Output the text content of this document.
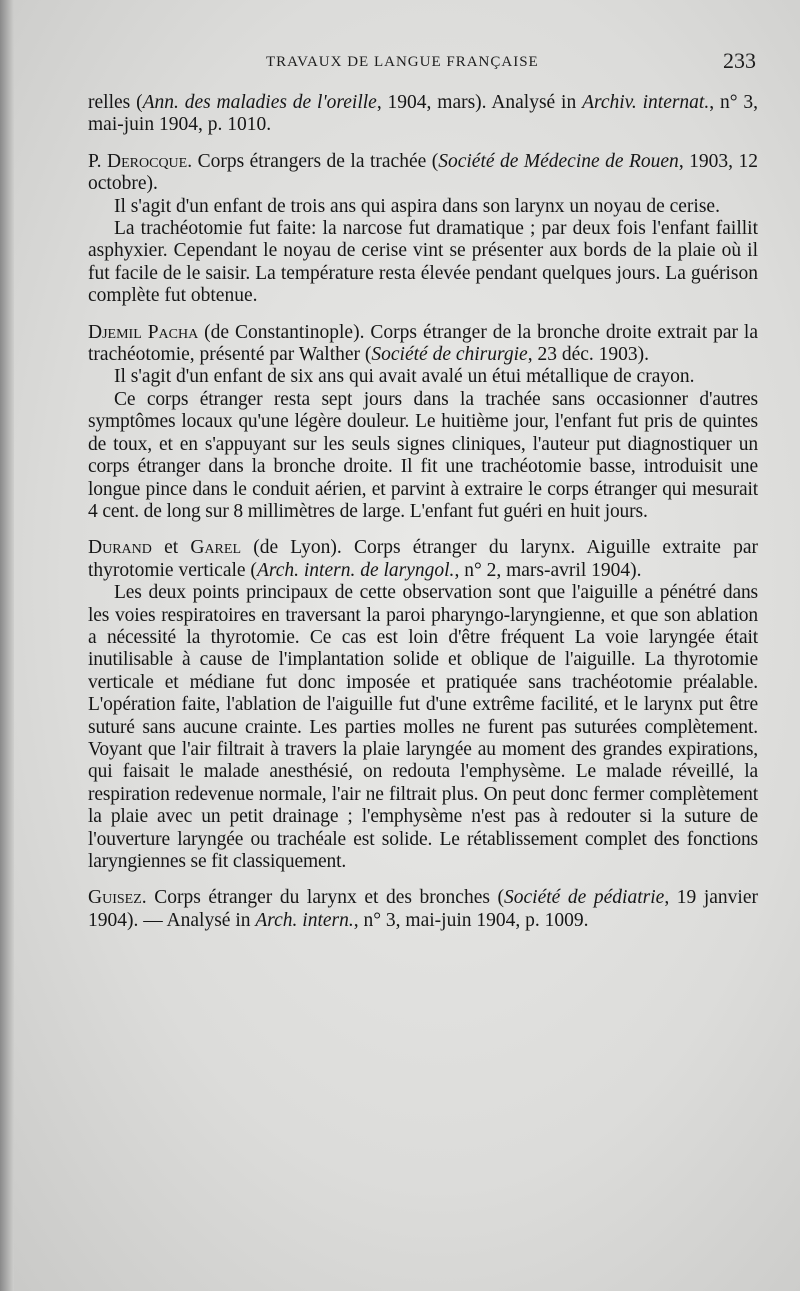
TRAVAUX DE LANGUE FRANÇAISE	233

relles (Ann. des maladies de l'oreille, 1904, mars). Analysé in Archiv. internat., n° 3, mai-juin 1904, p. 1010.

P. Derocque. Corps étrangers de la trachée (Société de Médecine de Rouen, 1903, 12 octobre).

Il s'agit d'un enfant de trois ans qui aspira dans son larynx un noyau de cerise.

La trachéotomie fut faite: la narcose fut dramatique ; par deux fois l'enfant faillit asphyxier. Cependant le noyau de cerise vint se présenter aux bords de la plaie où il fut facile de le saisir. La température resta élevée pendant quelques jours. La guérison complète fut obtenue.

Djemil Pacha (de Constantinople). Corps étranger de la bronche droite extrait par la trachéotomie, présenté par Walther (Société de chirurgie, 23 déc. 1903).

Il s'agit d'un enfant de six ans qui avait avalé un étui métallique de crayon.

Ce corps étranger resta sept jours dans la trachée sans occasionner d'autres symptômes locaux qu'une légère douleur. Le huitième jour, l'enfant fut pris de quintes de toux, et en s'appuyant sur les seuls signes cliniques, l'auteur put diagnostiquer un corps étranger dans la bronche droite. Il fit une trachéotomie basse, introduisit une longue pince dans le conduit aérien, et parvint à extraire le corps étranger qui mesurait 4 cent. de long sur 8 millimètres de large. L'enfant fut guéri en huit jours.

Durand et Garel (de Lyon). Corps étranger du larynx. Aiguille extraite par thyrotomie verticale (Arch. intern. de laryngol., n° 2, mars-avril 1904).

Les deux points principaux de cette observation sont que l'aiguille a pénétré dans les voies respiratoires en traversant la paroi pharyngo-laryngienne, et que son ablation a nécessité la thyrotomie. Ce cas est loin d'être fréquent La voie laryngée était inutilisable à cause de l'implantation solide et oblique de l'aiguille. La thyrotomie verticale et médiane fut donc imposée et pratiquée sans trachéotomie préalable. L'opération faite, l'ablation de l'aiguille fut d'une extrême facilité, et le larynx put être suturé sans aucune crainte. Les parties molles ne furent pas suturées complètement. Voyant que l'air filtrait à travers la plaie laryngée au moment des grandes expirations, qui faisait le malade anesthésié, on redouta l'emphysème. Le malade réveillé, la respiration redevenue normale, l'air ne filtrait plus. On peut donc fermer complètement la plaie avec un petit drainage ; l'emphysème n'est pas à redouter si la suture de l'ouverture laryngée ou trachéale est solide. Le rétablissement complet des fonctions laryngiennes se fit classiquement.

Guisez. Corps étranger du larynx et des bronches (Société de pédiatrie, 19 janvier 1904). — Analysé in Arch. intern., n° 3, mai-juin 1904, p. 1009.
